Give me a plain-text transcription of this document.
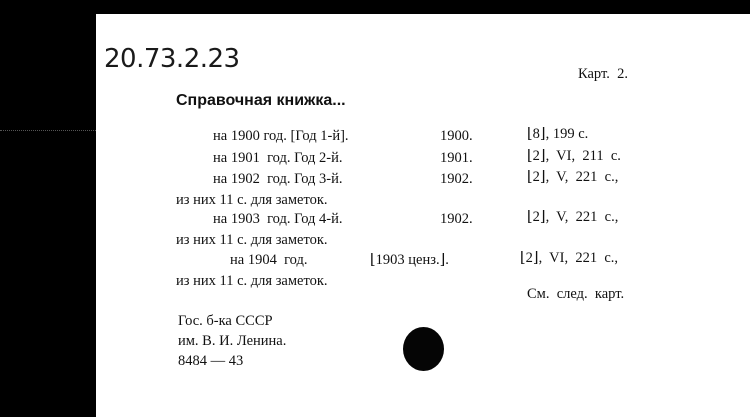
20.73.2.23	Карт.  2.
Справочная книжка...
на 1900 год. [Год 1-й].	1900.	⌊8⌋, 199 с.
на 1901  год. Год 2-й.	1901.	⌊2⌋,  VI,  211  с.
на 1902  год. Год 3-й.	1902.	⌊2⌋,  V,  221  с.,
из них 11 с. для заметок.
на 1903  год. Год 4-й.	1902.	⌊2⌋,  V,  221  с.,
из них 11 с. для заметок.
на 1904  год.	⌊1903 ценз.⌋.	⌊2⌋,  VI,  221  с.,
из них 11 с. для заметок.
См.  след.  карт.
Гос. б-ка СССР
им. В. И. Ленина.
8484 — 43
